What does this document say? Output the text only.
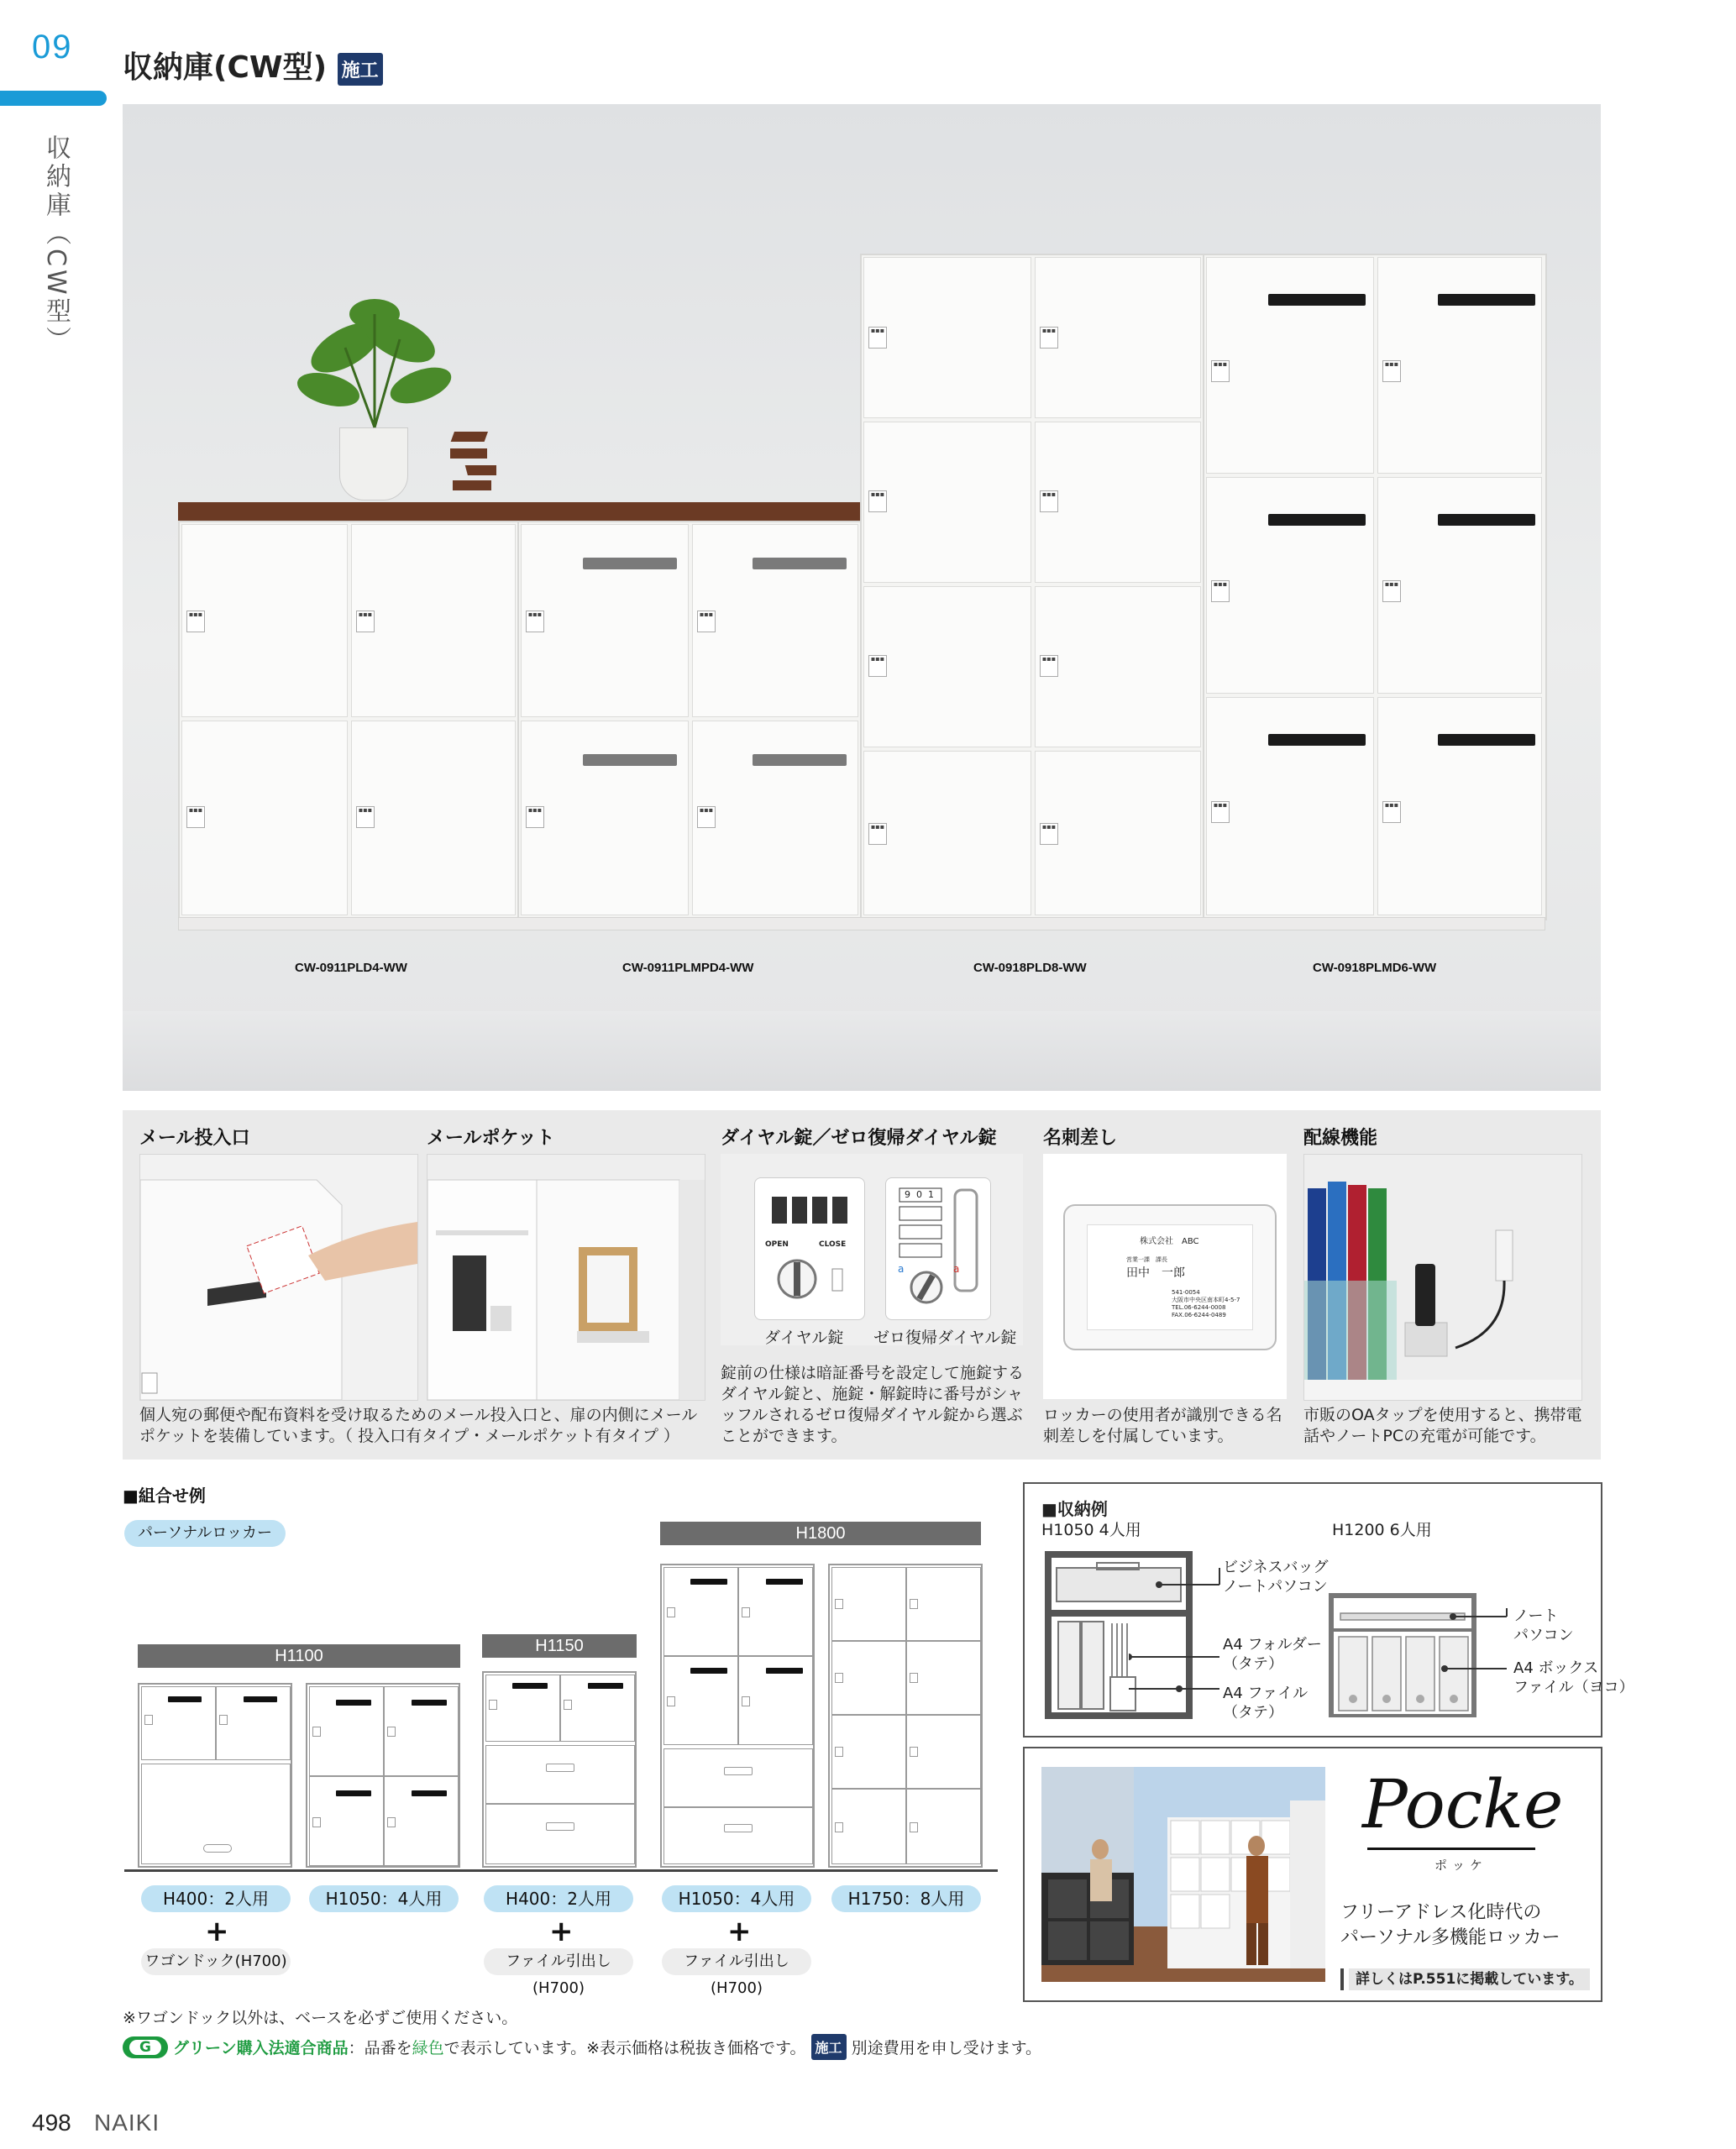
09
収納庫（CW型）
収納庫(CW型) 施工
▪▪▪	▪▪▪
▪▪▪	▪▪▪
▪▪▪	▪▪▪
▪▪▪	▪▪▪
▪▪▪	▪▪▪
▪▪▪	▪▪▪
▪▪▪	▪▪▪
▪▪▪	▪▪▪
▪▪▪	▪▪▪
▪▪▪	▪▪▪
▪▪▪	▪▪▪
CW-0911PLD4-WW	CW-0911PLMPD4-WW	CW-0918PLD8-WW	CW-0918PLMD6-WW
メール投入口	メールポケット	ダイヤル錠／ゼロ復帰ダイヤル錠	名刺差し	配線機能
OPEN	CLOSE
a	a
9 0 1
ダイヤル錠 ゼロ復帰ダイヤル錠
株式会社　ABC
営業一課　課長
田中　一郎
541-0054
大阪市中央区南本町4-5-7
TEL.06-6244-0008
FAX.06-6244-0489
個人宛の郵便や配布資料を受け取るためのメール投入口と、扉の内側にメールポケットを装備しています。（ 投入口有タイプ・メールポケット有タイプ ）
錠前の仕様は暗証番号を設定して施錠するダイヤル錠と、施錠・解錠時に番号がシャッフルされるゼロ復帰ダイヤル錠から選ぶことができます。
ロッカーの使用者が識別できる名刺差しを付属しています。
市販のOAタップを使用すると、携帯電話やノートPCの充電が可能です。
■組合せ例
パーソナルロッカー
H1100
H1150
H1800
H400：2人用	H1050：4人用	H400：2人用	H1050：4人用	H1750：8人用
+	+	+
ワゴンドック(H700)	ファイル引出し(H700)
ファイル引出し(H700)
■収納例
H1050 4人用	H1200 6人用
ビジネスバッグ
ノートパソコン
A4 フォルダー
（タテ）
A4 ファイル
（タテ）
ノート
パソコン
A4 ボックス
ファイル（ヨコ）
Pocke
ポッケ
フリーアドレス化時代の
パーソナル多機能ロッカー
詳しくはP.551に掲載しています。
※ワゴンドック以外は、ベースを必ずご使用ください。
G グリーン購入法適合商品 ：品番を 緑色 で表示しています。※表示価格は税抜き価格です。 施工 別途費用を申し受けます。
498 NAIKI
